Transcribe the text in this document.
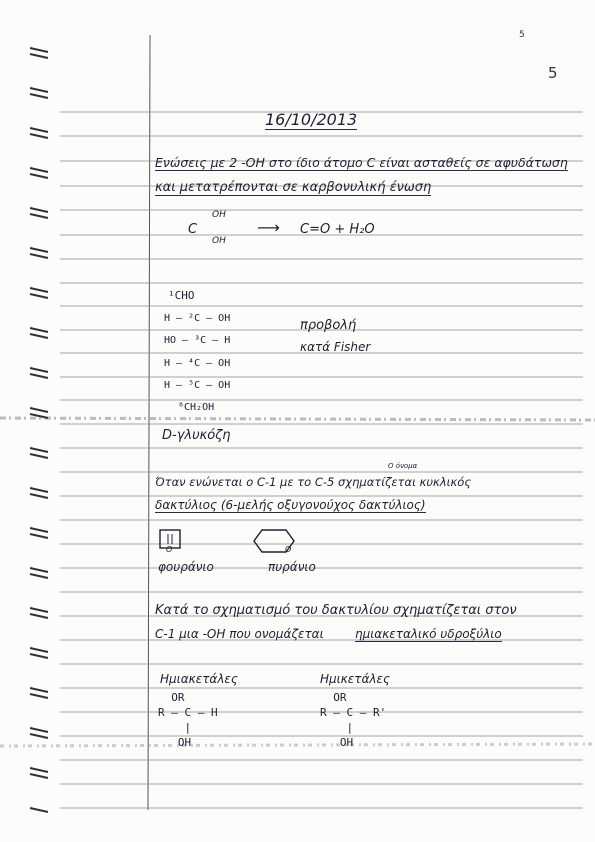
5
5
16/10/2013
Ενώσεις με 2 -OH στο ίδιο άτομο C είναι ασταθείς σε αφυδάτωση
και μετατρέπονται σε καρβονυλική ένωση
C
OH
OH
⟶ C=O + H₂O
¹CHO
H – ²C – OH
HO – ³C – H
H – ⁴C – OH
H – ⁵C – OH
⁶CH₂OH
προβολή
κατά Fisher
D-γλυκόζη
Όταν ενώνεται ο C-1 με το C-5 σχηματίζεται κυκλικός
O όνομα
δακτύλιος (6-μελής οξυγονούχος δακτύλιος)
O	O
φουράνιο	πυράνιο
Κατά το σχηματισμό του δακτυλίου σχηματίζεται στον
C-1 μια -OH που ονομάζεται	ημιακεταλικό υδροξύλιο
Ημιακετάλες	Ημικετάλες
OR
R – C – H
|
OH
OR
R – C – R'
|
OH
